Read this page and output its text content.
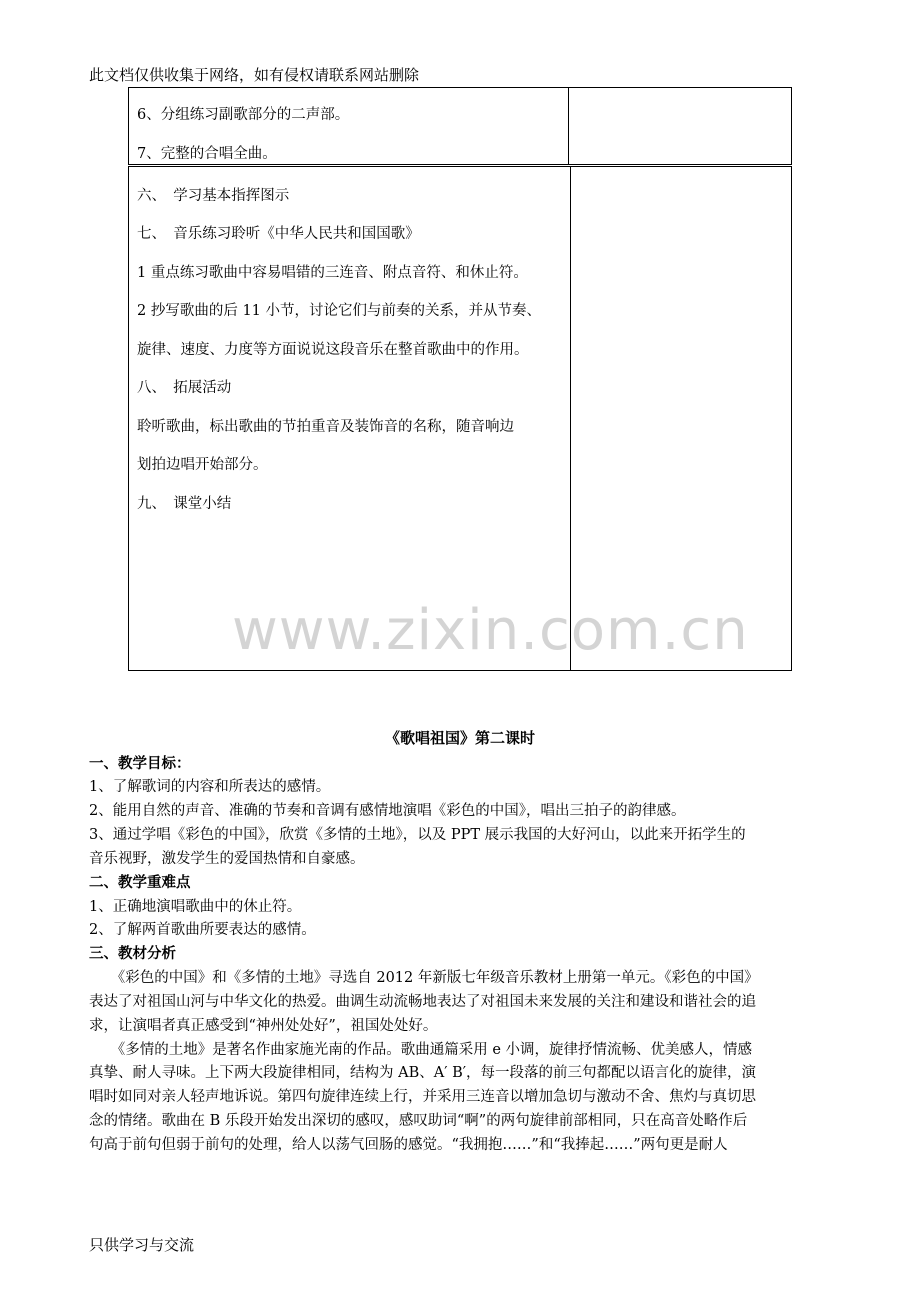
此文档仅供收集于网络，如有侵权请联系网站删除
6、分组练习副歌部分的二声部。
7、完整的合唱全曲。
六、　学习基本指挥图示
七、　音乐练习聆听《中华人民共和国国歌》
1 重点练习歌曲中容易唱错的三连音、附点音符、和休止符。
2 抄写歌曲的后 11 小节，讨论它们与前奏的关系，并从节奏、
旋律、速度、力度等方面说说这段音乐在整首歌曲中的作用。
八、　拓展活动
聆听歌曲，标出歌曲的节拍重音及装饰音的名称，随音响边
划拍边唱开始部分。
九、　课堂小结
www.zixin.com.cn
《歌唱祖国》第二课时
一、教学目标：
1、了解歌词的内容和所表达的感情。
2、能用自然的声音、准确的节奏和音调有感情地演唱《彩色的中国》，唱出三拍子的韵律感。
3、通过学唱《彩色的中国》，欣赏《多情的土地》，以及 PPT 展示我国的大好河山，以此来开拓学生的
音乐视野，激发学生的爱国热情和自豪感。
二、教学重难点
1、正确地演唱歌曲中的休止符。
2、了解两首歌曲所要表达的感情。
三、教材分析
　　《彩色的中国》和《多情的土地》寻选自 2012 年新版七年级音乐教材上册第一单元。《彩色的中国》
表达了对祖国山河与中华文化的热爱。曲调生动流畅地表达了对祖国未来发展的关注和建设和谐社会的追
求，让演唱者真正感受到“神州处处好”，祖国处处好。
　　《多情的土地》是著名作曲家施光南的作品。歌曲通篇采用 e 小调，旋律抒情流畅、优美感人，情感
真挚、耐人寻味。上下两大段旋律相同，结构为 AB、A′ B′，每一段落的前三句都配以语言化的旋律，演
唱时如同对亲人轻声地诉说。第四句旋律连续上行，并采用三连音以增加急切与激动不舍、焦灼与真切思
念的情绪。歌曲在 B 乐段开始发出深切的感叹，感叹助词“啊”的两句旋律前部相同，只在高音处略作后
句高于前句但弱于前句的处理，给人以荡气回肠的感觉。“我拥抱……”和“我捧起……”两句更是耐人
只供学习与交流
